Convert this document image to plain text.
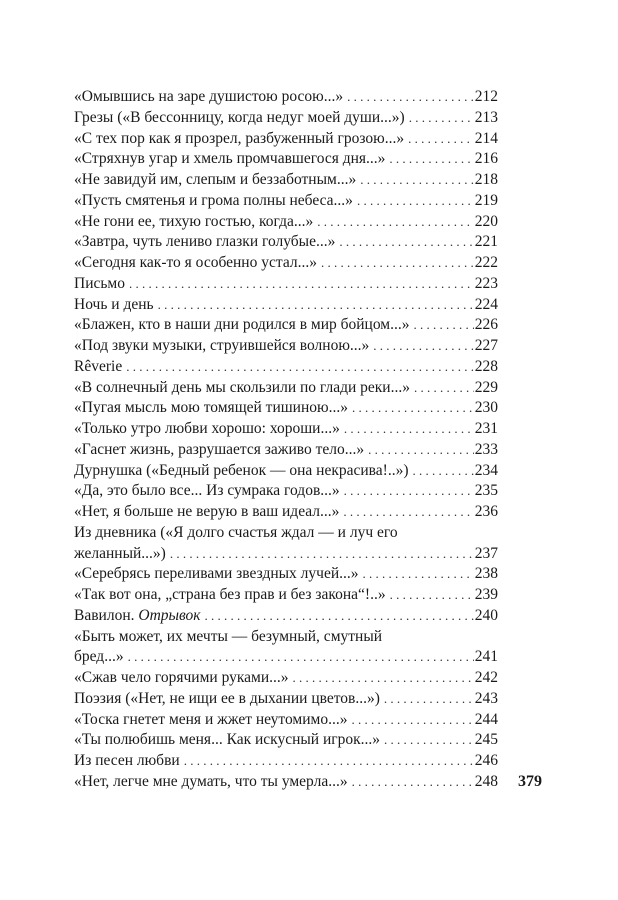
«Омывшись на заре душистою росою...» . . .	212
Грезы («В бессонницу, когда недуг моей души...») . . .	213
«С тех пор как я прозрел, разбуженный грозою...» . . .	214
«Стряхнув угар и хмель промчавшегося дня...» . . .	216
«Не завидуй им, слепым и беззаботным...» . . .	218
«Пусть смятенья и грома полны небеса...» . . .	219
«Не гони ее, тихую гостью, когда...» . . .	220
«Завтра, чуть лениво глазки голубые...» . . .	221
«Сегодня как-то я особенно устал...» . . .	222
Письмо . . .	223
Ночь и день . . .	224
«Блажен, кто в наши дни родился в мир бойцом...» . . .	226
«Под звуки музыки, струившейся волною...» . . .	227
Rêverie . . .	228
«В солнечный день мы скользили по глади реки...» . . .	229
«Пугая мысль мою томящей тишиною...» . . .	230
«Только утро любви хорошо: хороши...» . . .	231
«Гаснет жизнь, разрушается заживо тело...» . . .	233
Дурнушка («Бедный ребенок — она некрасива!..») . . .	234
«Да, это было все... Из сумрака годов...» . . .	235
«Нет, я больше не верую в ваш идеал...» . . .	236
Из дневника («Я долго счастья ждал — и луч его
желанный...») . . .	237
«Серебрясь переливами звездных лучей...» . . .	238
«Так вот она, „страна без прав и без закона“!..» . . .	239
Вавилон. Отрывок . . .	240
«Быть может, их мечты — безумный, смутный
бред...» . . .	241
«Сжав чело горячими руками...» . . .	242
Поэзия («Нет, не ищи ее в дыхании цветов...») . . .	243
«Тоска гнетет меня и жжет неутомимо...» . . .	244
«Ты полюбишь меня... Как искусный игрок...» . . .	245
Из песен любви . . .	246
«Нет, легче мне думать, что ты умерла...» . . .	248 379
